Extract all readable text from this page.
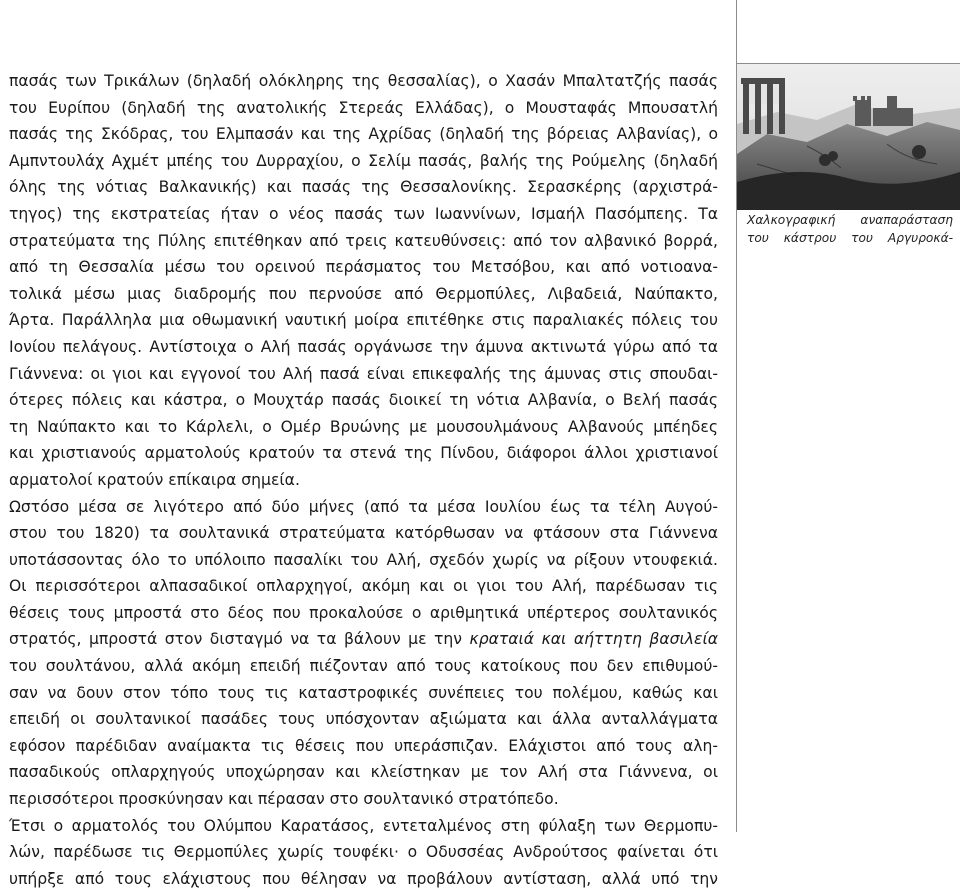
πασάς των Τρικάλων (δηλαδή ολόκληρης της θεσσαλίας), ο Χασάν Μπαλτατζής πασάς
του Ευρίπου (δηλαδή της ανατολικής Στερεάς Ελλάδας), ο Μουσταφάς Μπουσατλή
πασάς της Σκόδρας, του Ελμπασάν και της Αχρίδας (δηλαδή της βόρειας Αλβανίας), ο
Αμπντουλάχ Αχμέτ μπέης του Δυρραχίου, ο Σελίμ πασάς, βαλής της Ρούμελης (δηλαδή
όλης της νότιας Βαλκανικής) και πασάς της Θεσσαλονίκης. Σερασκέρης (αρχιστρά-
τηγος) της εκστρατείας ήταν ο νέος πασάς των Ιωαννίνων, Ισμαήλ Πασόμπεης. Τα
στρατεύματα της Πύλης επιτέθηκαν από τρεις κατευθύνσεις: από τον αλβανικό βορρά,
από τη Θεσσαλία μέσω του ορεινού περάσματος του Μετσόβου, και από νοτιοανα-
τολικά μέσω μιας διαδρομής που περνούσε από Θερμοπύλες, Λιβαδειά, Ναύπακτο,
Άρτα. Παράλληλα μια οθωμανική ναυτική μοίρα επιτέθηκε στις παραλιακές πόλεις του
Ιονίου πελάγους. Αντίστοιχα ο Αλή πασάς οργάνωσε την άμυνα ακτινωτά γύρω από τα
Γιάννενα: οι γιοι και εγγονοί του Αλή πασά είναι επικεφαλής της άμυνας στις σπουδαι-
ότερες πόλεις και κάστρα, ο Μουχτάρ πασάς διοικεί τη νότια Αλβανία, ο Βελή πασάς
τη Ναύπακτο και το Κάρλελι, ο Ομέρ Βρυώνης με μουσουλμάνους Αλβανούς μπέηδες
και χριστιανούς αρματολούς κρατούν τα στενά της Πίνδου, διάφοροι άλλοι χριστιανοί
αρματολοί κρατούν επίκαιρα σημεία.
Ωστόσο μέσα σε λιγότερο από δύο μήνες (από τα μέσα Ιουλίου έως τα τέλη Αυγού-
στου του 1820) τα σουλτανικά στρατεύματα κατόρθωσαν να φτάσουν στα Γιάννενα
υποτάσσοντας όλο το υπόλοιπο πασαλίκι του Αλή, σχεδόν χωρίς να ρίξουν ντουφεκιά.
Οι περισσότεροι αλπασαδικοί οπλαρχηγοί, ακόμη και οι γιοι του Αλή, παρέδωσαν τις
θέσεις τους μπροστά στο δέος που προκαλούσε ο αριθμητικά υπέρτερος σουλτανικός
στρατός, μπροστά στον δισταγμό να τα βάλουν με την κραταιά και αήττητη βασιλεία
του σουλτάνου, αλλά ακόμη επειδή πιέζονταν από τους κατοίκους που δεν επιθυμού-
σαν να δουν στον τόπο τους τις καταστροφικές συνέπειες του πολέμου, καθώς και
επειδή οι σουλτανικοί πασάδες τους υπόσχονταν αξιώματα και άλλα ανταλλάγματα
εφόσον παρέδιδαν αναίμακτα τις θέσεις που υπεράσπιζαν. Ελάχιστοι από τους αλη-
πασαδικούς οπλαρχηγούς υποχώρησαν και κλείστηκαν με τον Αλή στα Γιάννενα, οι
περισσότεροι προσκύνησαν και πέρασαν στο σουλτανικό στρατόπεδο.
Έτσι ο αρματολός του Ολύμπου Καρατάσος, εντεταλμένος στη φύλαξη των Θερμοπυ-
λών, παρέδωσε τις Θερμοπύλες χωρίς τουφέκι· ο Οδυσσέας Ανδρούτσος φαίνεται ότι
υπήρξε από τους ελάχιστους που θέλησαν να προβάλουν αντίσταση, αλλά υπό την
Χαλκογραφική αναπαράσταση
του κάστρου του Αργυροκά-
